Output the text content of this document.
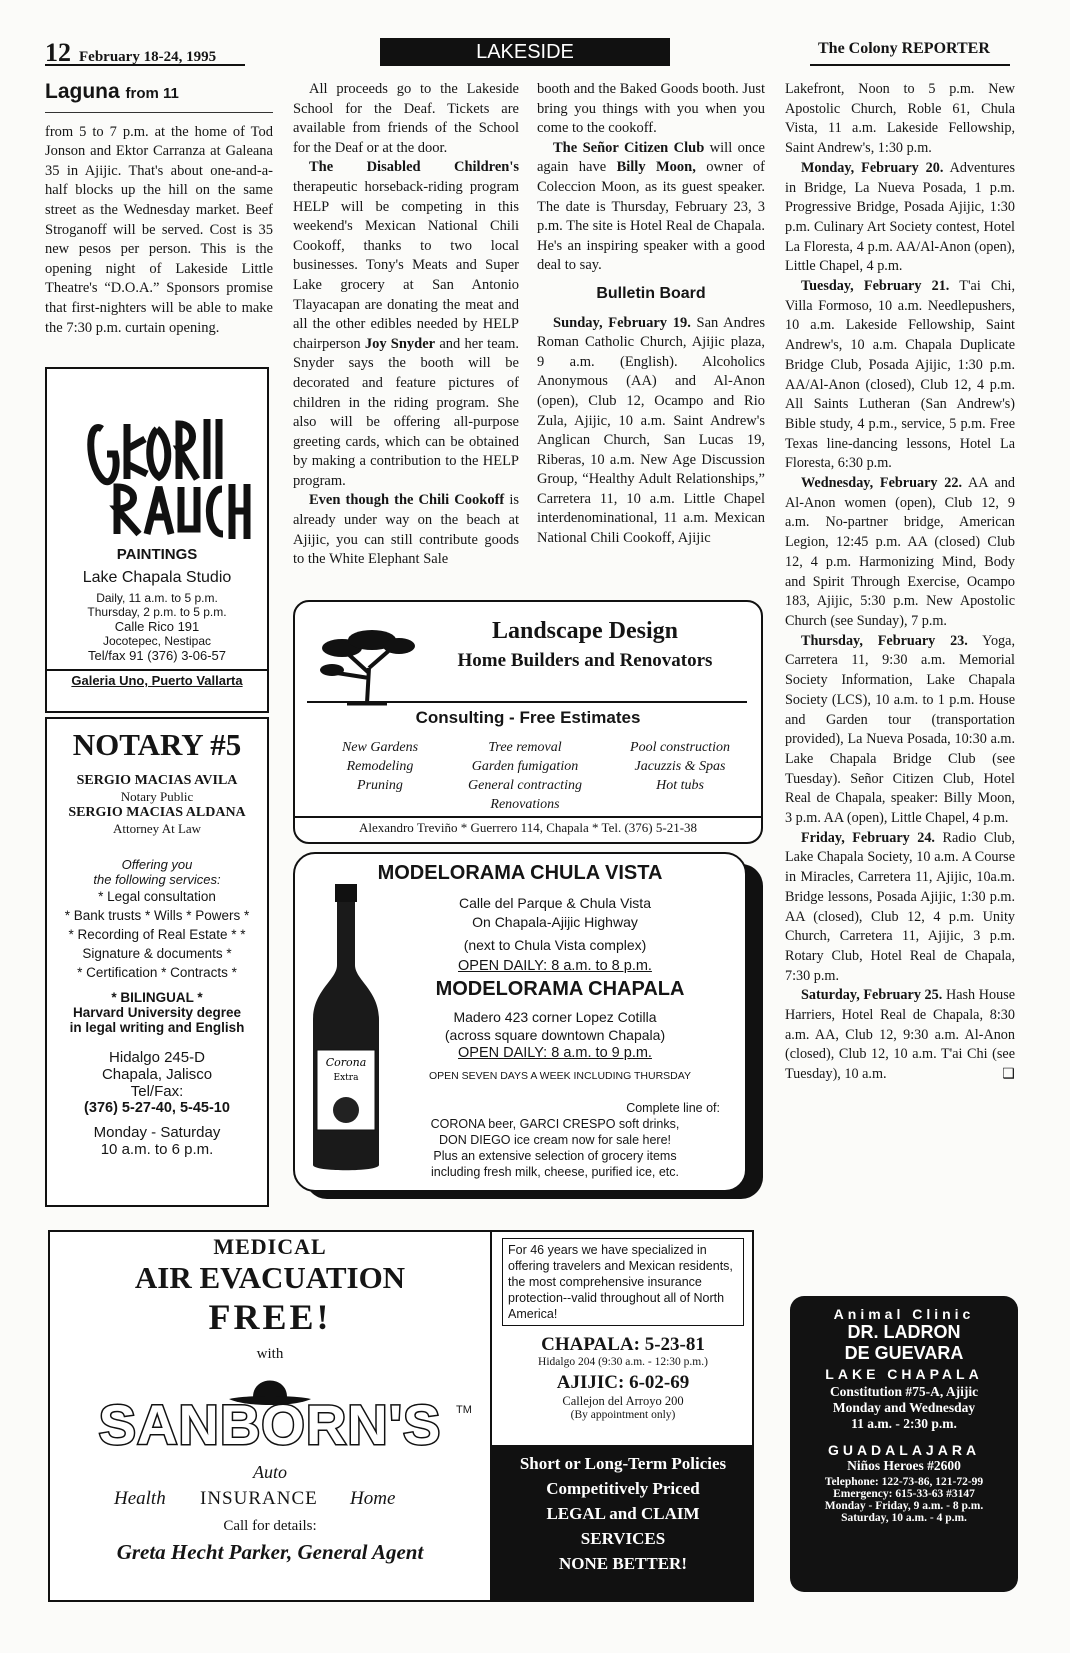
12 February 18-24, 1995	LAKESIDE	The Colony REPORTER
Laguna from 11

from 5 to 7 p.m. at the home of Tod Jonson and Ektor Carranza at Galeana 35 in Ajijic. That's about one-and-a-half blocks up the hill on the same street as the Wednesday market. Beef Stroganoff will be served. Cost is 35 new pesos per person. This is the opening night of Lakeside Little Theatre's “D.O.A.” Sponsors promise that first-nighters will be able to make the 7:30 p.m. curtain opening.

PAINTINGS
Lake Chapala Studio
Daily, 11 a.m. to 5 p.m.
Thursday, 2 p.m. to 5 p.m.
Calle Rico 191
Jocotepec, Nestipac
Tel/fax 91 (376) 3-06-57
Galeria Uno, Puerto Vallarta
NOTARY #5
SERGIO MACIAS AVILA
Notary Public
SERGIO MACIAS ALDANA
Attorney At Law
Offering you
the following services:
* Legal consultation
* Bank trusts * Wills * Powers *
* Recording of Real Estate * *
Signature & documents *
* Certification * Contracts *
* BILINGUAL *
Harvard University degree
in legal writing and English
Hidalgo 245-D
Chapala, Jalisco
Tel/Fax:
(376) 5-27-40, 5-45-10
Monday - Saturday
10 a.m. to 6 p.m.

All proceeds go to the Lakeside School for the Deaf. Tickets are available from friends of the School for the Deaf or at the door.

The Disabled Children's therapeutic horseback-riding program HELP will be competing in this weekend's Mexican National Chili Cookoff, thanks to two local businesses. Tony's Meats and Super Lake grocery at San Antonio Tlayacapan are donating the meat and all the other edibles needed by HELP chairperson Joy Snyder and her team. Snyder says the booth will be decorated and feature pictures of children in the riding program. She also will be offering all-purpose greeting cards, which can be obtained by making a contribution to the HELP program.

Even though the Chili Cookoff is already under way on the beach at Ajijic, you can still contribute goods to the White Elephant Sale

booth and the Baked Goods booth. Just bring you things with you when you come to the cookoff.

The Señor Citizen Club will once again have Billy Moon, owner of Coleccion Moon, as its guest speaker. The date is Thursday, February 23, 3 p.m. The site is Hotel Real de Chapala. He's an inspiring speaker with a good deal to say.

Bulletin Board

Sunday, February 19. San Andres Roman Catholic Church, Ajijic plaza, 9 a.m. (English). Alcoholics Anonymous (AA) and Al-Anon (open), Club 12, Ocampo and Rio Zula, Ajijic, 10 a.m. Saint Andrew's Anglican Church, San Lucas 19, Riberas, 10 a.m. New Age Discussion Group, “Healthy Adult Relationships,” Carretera 11, 10 a.m. Little Chapel interdenominational, 11 a.m. Mexican National Chili Cookoff, Ajijic

Lakefront, Noon to 5 p.m. New Apostolic Church, Roble 61, Chula Vista, 11 a.m. Lakeside Fellowship, Saint Andrew's, 1:30 p.m.

Monday, February 20. Adventures in Bridge, La Nueva Posada, 1 p.m. Progressive Bridge, Posada Ajijic, 1:30 p.m. Culinary Art Society contest, Hotel La Floresta, 4 p.m. AA/Al-Anon (open), Little Chapel, 4 p.m.

Tuesday, February 21. T'ai Chi, Villa Formoso, 10 a.m. Needlepushers, 10 a.m. Lakeside Fellowship, Saint Andrew's, 10 a.m. Chapala Duplicate Bridge Club, Posada Ajijic, 1:30 p.m. AA/Al-Anon (closed), Club 12, 4 p.m. All Saints Lutheran (San Andrew's) Bible study, 4 p.m., service, 5 p.m. Free Texas line-dancing lessons, Hotel La Floresta, 6:30 p.m.

Wednesday, February 22. AA and Al-Anon women (open), Club 12, 9 a.m. No-partner bridge, American Legion, 12:45 p.m. AA (closed) Club 12, 4 p.m. Harmonizing Mind, Body and Spirit Through Exercise, Ocampo 183, Ajijic, 5:30 p.m. New Apostolic Church (see Sunday), 7 p.m.

Thursday, February 23. Yoga, Carretera 11, 9:30 a.m. Memorial Society Information, Lake Chapala Society (LCS), 10 a.m. to 1 p.m. House and Garden tour (transportation provided), La Nueva Posada, 10:30 a.m. Lake Chapala Bridge Club (see Tuesday). Señor Citizen Club, Hotel Real de Chapala, speaker: Billy Moon, 3 p.m. AA (open), Little Chapel, 4 p.m.

Friday, February 24. Radio Club, Lake Chapala Society, 10 a.m. A Course in Miracles, Carretera 11, Ajijic, 10a.m. Bridge lessons, Posada Ajijic, 1:30 p.m. AA (closed), Club 12, 4 p.m. Unity Church, Carretera 11, Ajijic, 3 p.m. Rotary Club, Hotel Real de Chapala, 7:30 p.m.

Saturday, February 25. Hash House Harriers, Hotel Real de Chapala, 8:30 a.m. AA, Club 12, 9:30 a.m. Al-Anon (closed), Club 12, 10 a.m. T'ai Chi (see Tuesday), 10 a.m.	❑

Landscape Design
Home Builders and Renovators
Consulting - Free Estimates
New Gardens
Remodeling
Pruning
Tree removal
Garden fumigation
General contracting
Renovations
Pool construction
Jacuzzis & Spas
Hot tubs
Alexandro Treviño * Guerrero 114, Chapala * Tel. (376) 5-21-38
MODELORAMA CHULA VISTA
Corona
Extra
Calle del Parque & Chula Vista
On Chapala-Ajijic Highway
(next to Chula Vista complex)
OPEN DAILY: 8 a.m. to 8 p.m.
MODELORAMA CHAPALA
Madero 423 corner Lopez Cotilla
(across square downtown Chapala)
OPEN DAILY: 8 a.m. to 9 p.m.
OPEN SEVEN DAYS A WEEK INCLUDING THURSDAY
Complete line of:
CORONA beer, GARCI CRESPO soft drinks,
DON DIEGO ice cream now for sale here!
Plus an extensive selection of grocery items
including fresh milk, cheese, purified ice, etc.
MEDICAL
AIR EVACUATION
FREE!
with
SANBORN'S	TM
Auto
Health INSURANCE Home
Call for details:
Greta Hecht Parker, General Agent
For 46 years we have specialized in offering travelers and Mexican residents, the most comprehensive insurance protection--valid throughout all of North America!
CHAPALA: 5-23-81
Hidalgo 204 (9:30 a.m. - 12:30 p.m.)
AJIJIC: 6-02-69
Callejon del Arroyo 200
(By appointment only)
Short or Long-Term Policies
Competitively Priced
LEGAL and CLAIM
SERVICES
NONE BETTER!
Animal Clinic
DR. LADRON
DE GUEVARA
LAKE CHAPALA
Constitution #75-A, Ajijic
Monday and Wednesday
11 a.m. - 2:30 p.m.
GUADALAJARA
Niños Heroes #2600
Telephone: 122-73-86, 121-72-99
Emergency: 615-33-63 #3147
Monday - Friday, 9 a.m. - 8 p.m.
Saturday, 10 a.m. - 4 p.m.
